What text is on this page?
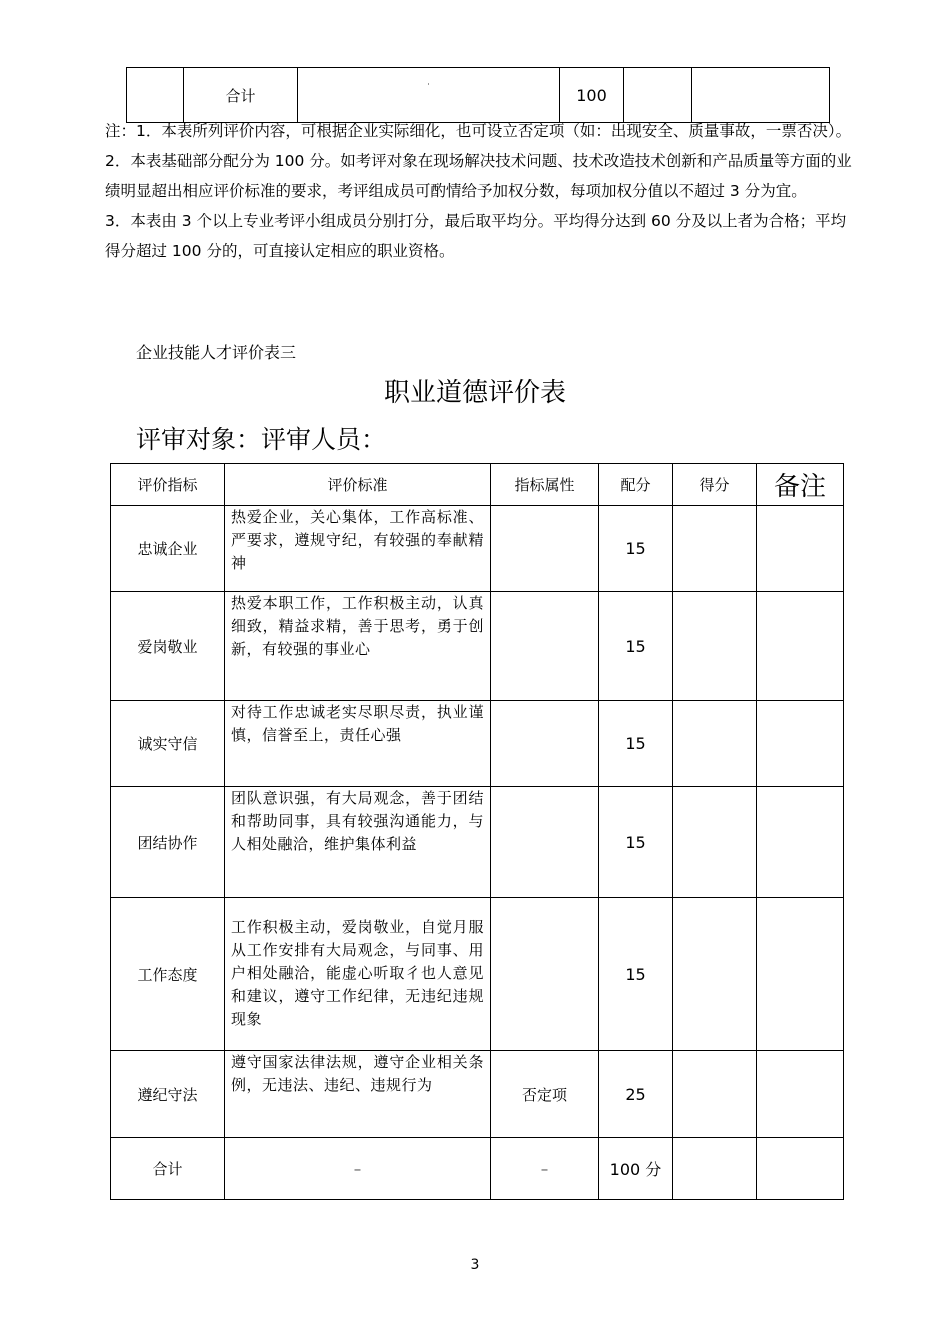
	合计	·	100		

注：1．本表所列评价内容，可根据企业实际细化，也可设立否定项（如：出现安全、质量事故，一票否决）。

2．本表基础部分配分为 100 分。如考评对象在现场解决技术问题、技术改造技术创新和产品质量等方面的业绩明显超出相应评价标准的要求，考评组成员可酌情给予加权分数，每项加权分值以不超过 3 分为宜。

3．本表由 3 个以上专业考评小组成员分别打分，最后取平均分。平均得分达到 60 分及以上者为合格；平均得分超过 100 分的，可直接认定相应的职业资格。

企业技能人才评价表三
职业道德评价表
评审对象：评审人员：
评价指标	评价标准	指标属性	配分	得分	备注
忠诚企业	热爱企业，关心集体，工作高标准、严要求，遵规守纪，有较强的奉献精神		15		
爱岗敬业	热爱本职工作，工作积极主动，认真细致，精益求精，善于思考，勇于创新，有较强的事业心		15		
诚实守信	对待工作忠诚老实尽职尽责，执业谨慎，信誉至上，责任心强		15		
团结协作	团队意识强，有大局观念，善于团结和帮助同事，具有较强沟通能力，与人相处融洽，维护集体利益		15		
工作态度	工作积极主动，爱岗敬业，自觉月服从工作安排有大局观念，与同事、用户相处融洽，能虚心听取彳也人意见和建议，遵守工作纪律，无违纪违规现象		15		
遵纪守法	遵守国家法律法规，遵守企业相关条例，无违法、违纪、违规行为	否定项	25		
合计	–	–	100 分		
3
